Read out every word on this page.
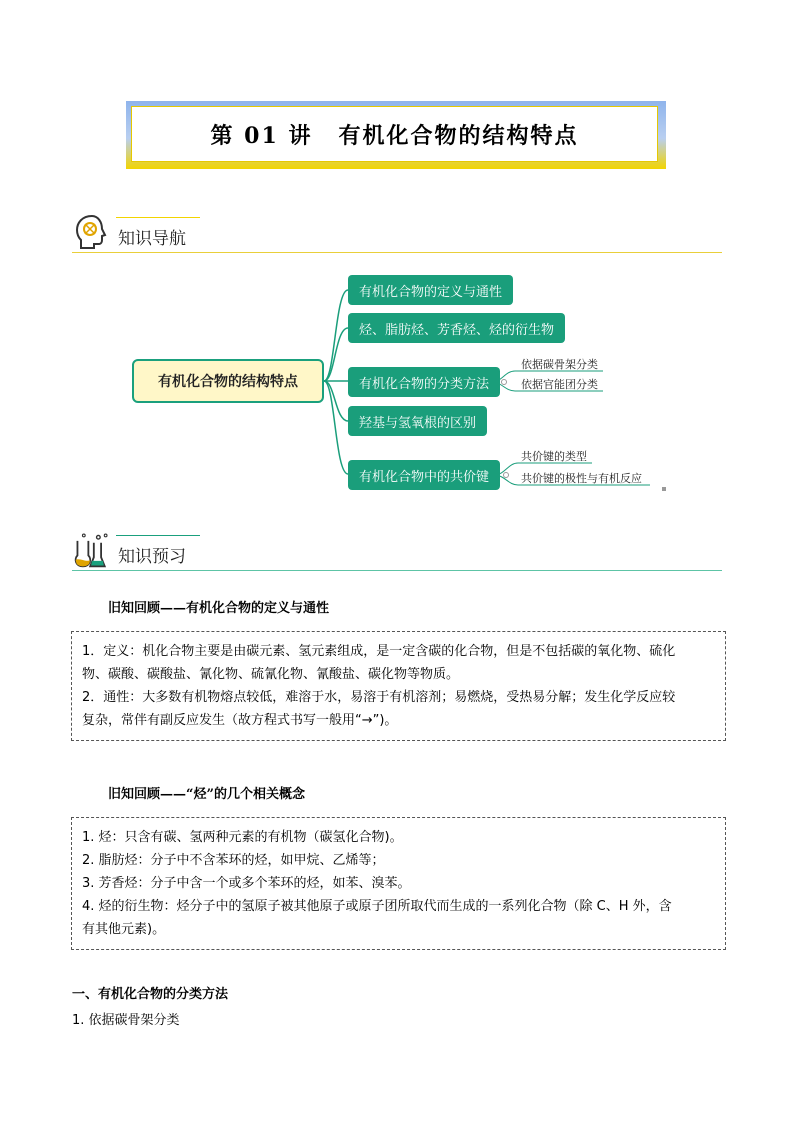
第 01 讲 有机化合物的结构特点
知识导航
有机化合物的结构特点
有机化合物的定义与通性
烃、脂肪烃、芳香烃、烃的衍生物
有机化合物的分类方法
羟基与氢氧根的区别
有机化合物中的共价键
依据碳骨架分类
依据官能团分类
共价键的类型
共价键的极性与有机反应
知识预习
旧知回顾——有机化合物的定义与通性

1．定义：机化合物主要是由碳元素、氢元素组成，是一定含碳的化合物，但是不包括碳的氧化物、硫化

物、碳酸、碳酸盐、氰化物、硫氰化物、氰酸盐、碳化物等物质。

2．通性：大多数有机物熔点较低，难溶于水，易溶于有机溶剂；易燃烧，受热易分解；发生化学反应较

复杂，常伴有副反应发生（故方程式书写一般用“→”)。

旧知回顾——“烃”的几个相关概念

1. 烃：只含有碳、氢两种元素的有机物（碳氢化合物)。

2. 脂肪烃：分子中不含苯环的烃，如甲烷、乙烯等；

3. 芳香烃：分子中含一个或多个苯环的烃，如苯、溴苯。

4. 烃的衍生物：烃分子中的氢原子被其他原子或原子团所取代而生成的一系列化合物（除 C、H 外，含

有其他元素)。

一、有机化合物的分类方法
1. 依据碳骨架分类
